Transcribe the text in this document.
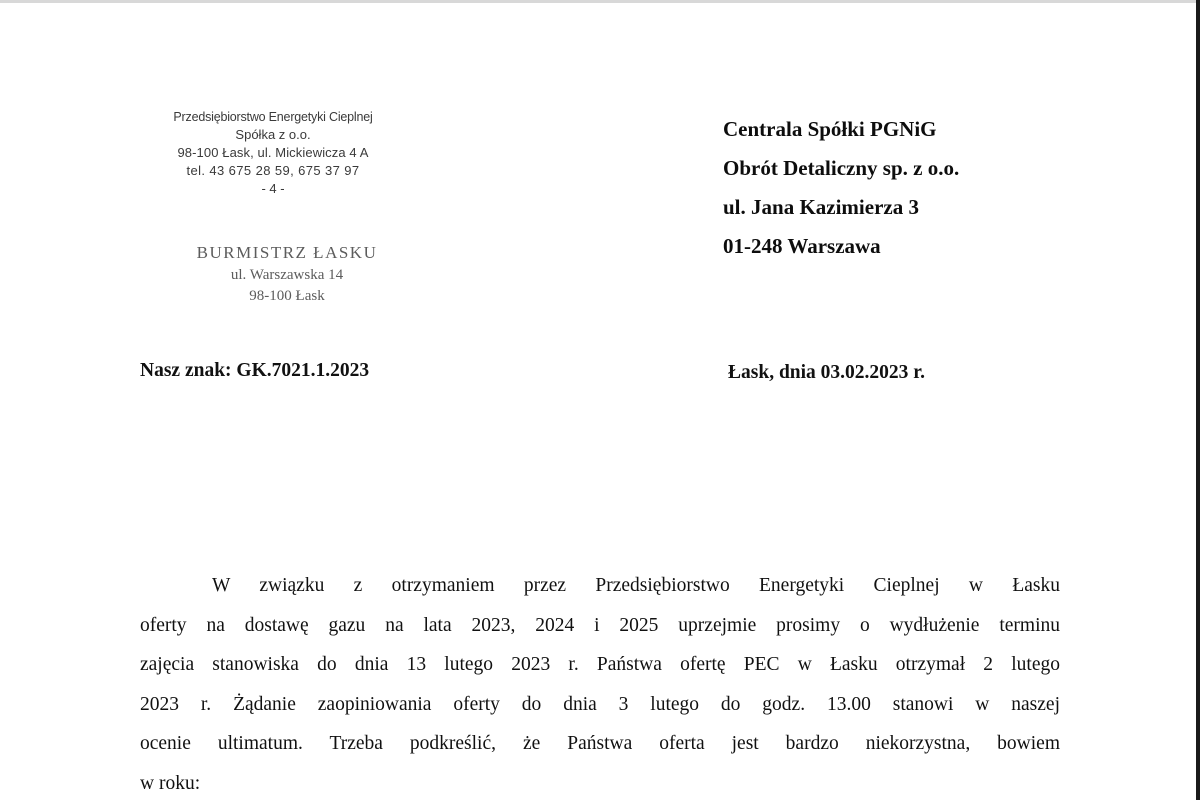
Przedsiębiorstwo Energetyki Cieplnej
Spółka z o.o.
98-100 Łask, ul. Mickiewicza 4 A
tel. 43 675 28 59, 675 37 97
- 4 -
BURMISTRZ ŁASKU
ul. Warszawska 14
98-100 Łask
Centrala Spółki PGNiG
Obrót Detaliczny sp. z o.o.
ul. Jana Kazimierza 3
01-248 Warszawa
Nasz znak: GK.7021.1.2023	Łask, dnia 03.02.2023 r.
W związku z otrzymaniem przez Przedsiębiorstwo Energetyki Cieplnej w Łasku
oferty na dostawę gazu na lata 2023, 2024 i 2025 uprzejmie prosimy o wydłużenie terminu
zajęcia stanowiska do dnia 13 lutego 2023 r. Państwa ofertę PEC w Łasku otrzymał 2 lutego
2023 r. Żądanie zaopiniowania oferty do dnia 3 lutego do godz. 13.00 stanowi w naszej
ocenie ultimatum. Trzeba podkreślić, że Państwa oferta jest bardzo niekorzystna, bowiem
w roku:
